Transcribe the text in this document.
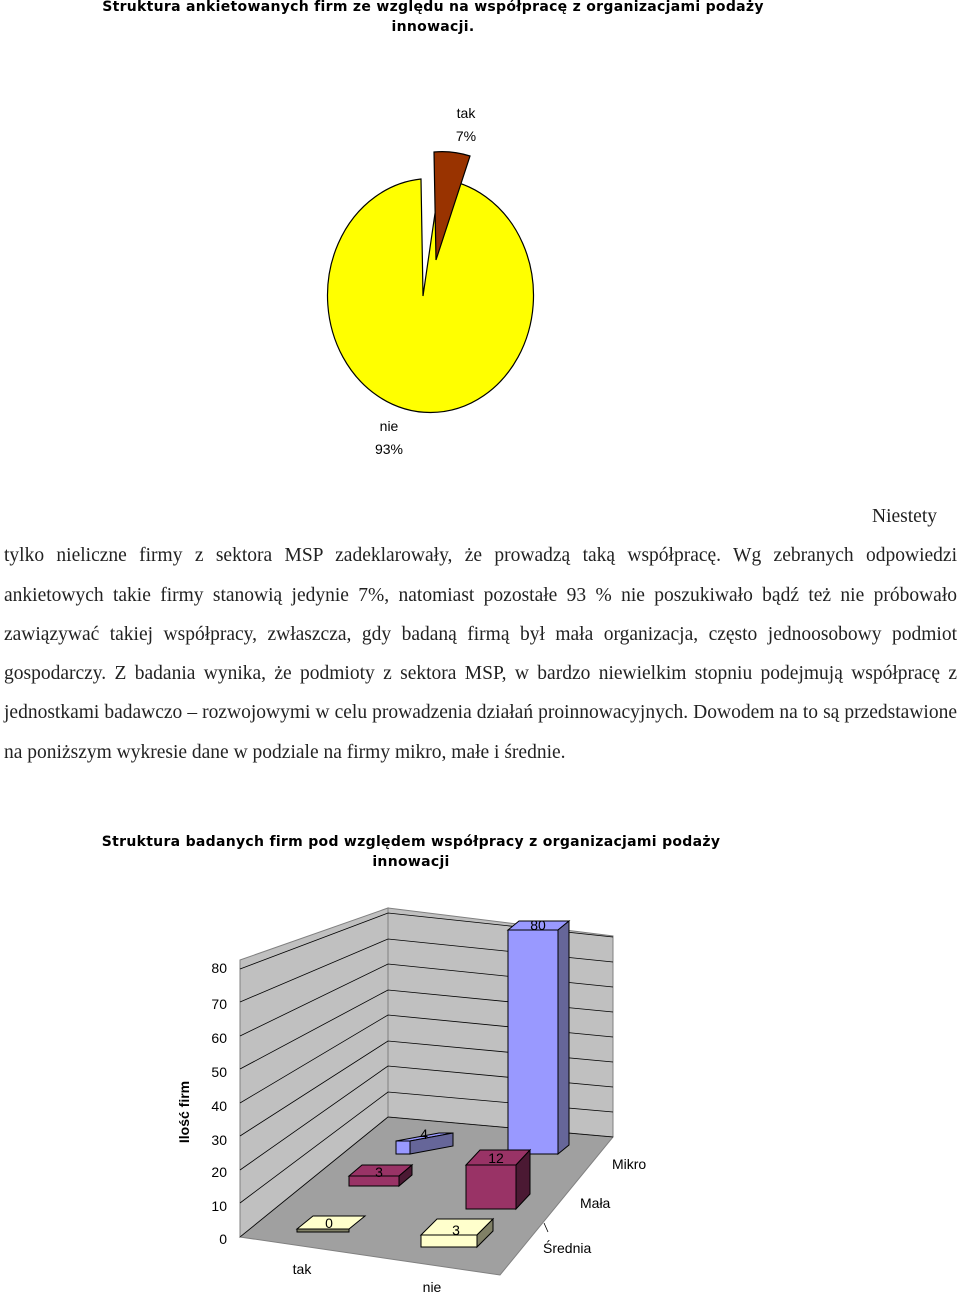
tak
7%
nie
93%
0
10
20
30
40
50
60
70
80
Ilość firm
80
4
3
12
0	3
Mikro
Mała
Średnia
tak
nie
Struktura ankietowanych firm ze względu na współpracę z organizacjami podaży
innowacji.
Niestety
tylko nieliczne firmy z sektora MSP zadeklarowały, że prowadzą taką współpracę. Wg zebranych odpowiedzi ankietowych takie firmy stanowią jedynie 7%, natomiast pozostałe 93 % nie poszukiwało bądź też nie próbowało zawiązywać takiej współpracy, zwłaszcza, gdy badaną firmą był mała organizacja, często jednoosobowy podmiot gospodarczy. Z badania wynika, że podmioty z sektora MSP, w bardzo niewielkim stopniu podejmują współpracę z jednostkami badawczo – rozwojowymi w celu prowadzenia działań proinnowacyjnych. Dowodem na to są przedstawione na poniższym wykresie dane w podziale na firmy mikro, małe i średnie.
Struktura badanych firm pod względem współpracy z organizacjami podaży
innowacji
